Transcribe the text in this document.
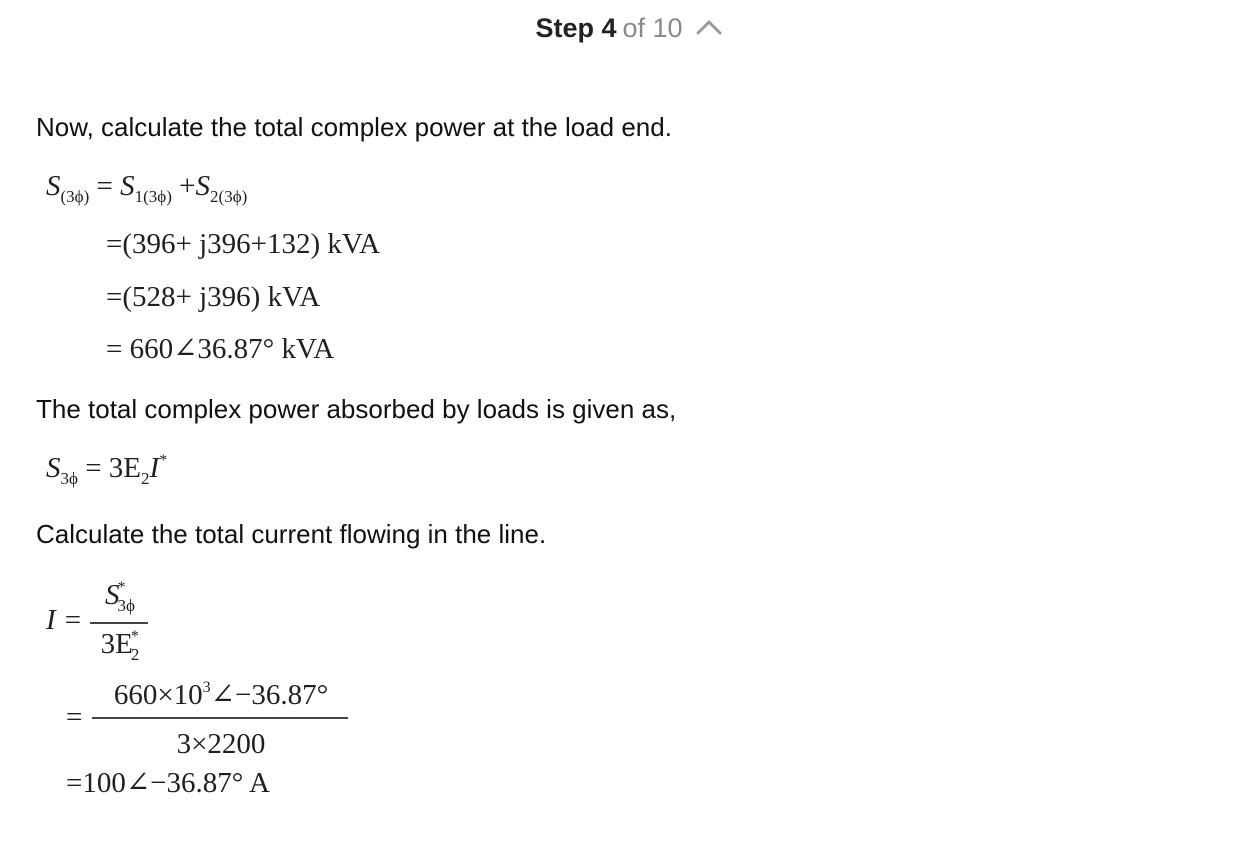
Step 4 of 10
Now, calculate the total complex power at the load end.
$S_{(3\phi)} = S_{1(3\phi)} +S_{2(3\phi)}$
=(396+ j396+132) kVA
=(528+ j396) kVA
= 660∠36.87° kVA
The total complex power absorbed by loads is given as,
$S_{3\phi} = 3E_2I^*$
Calculate the total current flowing in the line.
I =
$S^*_{3\phi}$
$3E^*_2$
=
$660\times 10^3\angle-36.87^\circ$
3×2200
=100∠−36.87° A
